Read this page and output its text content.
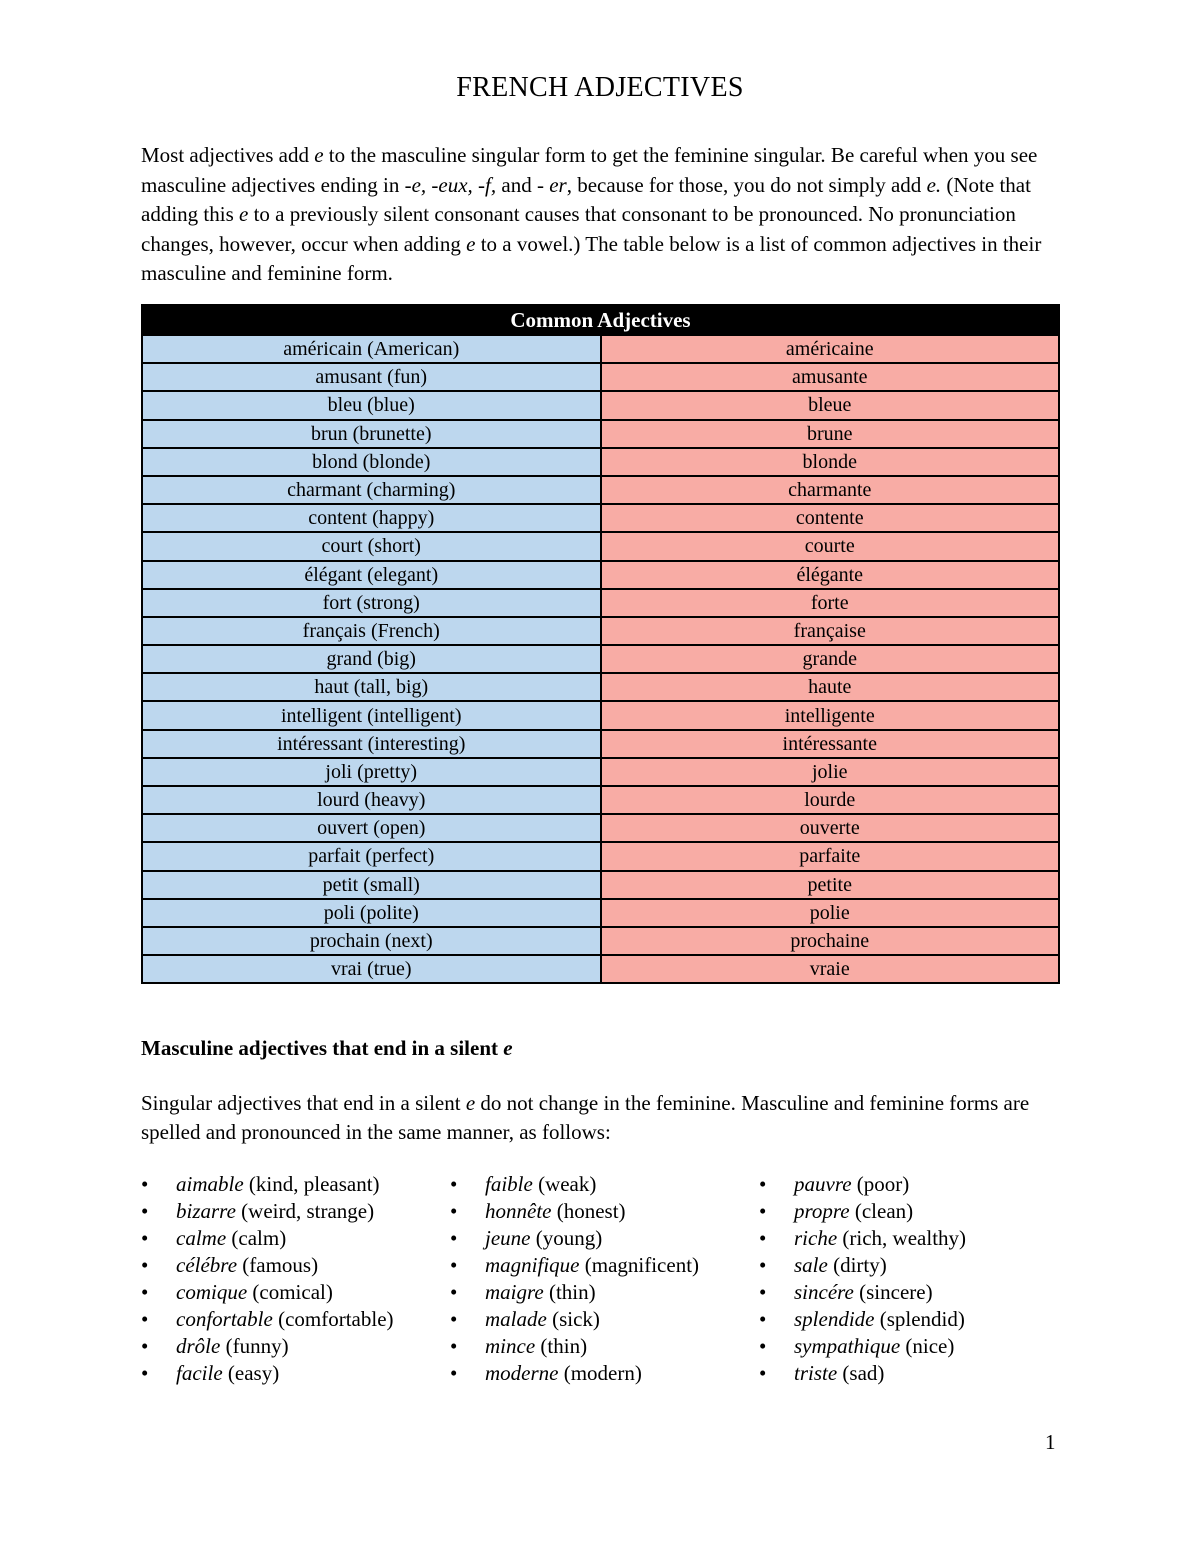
FRENCH ADJECTIVES
Most adjectives add e to the masculine singular form to get the feminine singular. Be careful when you see masculine adjectives ending in -e, -eux, -f, and - er, because for those, you do not simply add e. (Note that adding this e to a previously silent consonant causes that consonant to be pronounced. No pronunciation changes, however, occur when adding e to a vowel.) The table below is a list of common adjectives in their masculine and feminine form.
Common Adjectives	
américain (American)	américaine
amusant (fun)	amusante
bleu (blue)	bleue
brun (brunette)	brune
blond (blonde)	blonde
charmant (charming)	charmante
content (happy)	contente
court (short)	courte
élégant (elegant)	élégante
fort (strong)	forte
français (French)	française
grand (big)	grande
haut (tall, big)	haute
intelligent (intelligent)	intelligente
intéressant (interesting)	intéressante
joli (pretty)	jolie
lourd (heavy)	lourde
ouvert (open)	ouverte
parfait (perfect)	parfaite
petit (small)	petite
poli (polite)	polie
prochain (next)	prochaine
vrai (true)	vraie
Masculine adjectives that end in a silent e
Singular adjectives that end in a silent e do not change in the feminine. Masculine and feminine forms are spelled and pronounced in the same manner, as follows:
• aimable (kind, pleasant)
• bizarre (weird, strange)
• calme (calm)
• célébre (famous)
• comique (comical)
• confortable (comfortable)
• drôle (funny)
• facile (easy)
• faible (weak)
• honnête (honest)
• jeune (young)
• magnifique (magnificent)
• maigre (thin)
• malade (sick)
• mince (thin)
• moderne (modern)
• pauvre (poor)
• propre (clean)
• riche (rich, wealthy)
• sale (dirty)
• sincére (sincere)
• splendide (splendid)
• sympathique (nice)
• triste (sad)
1
